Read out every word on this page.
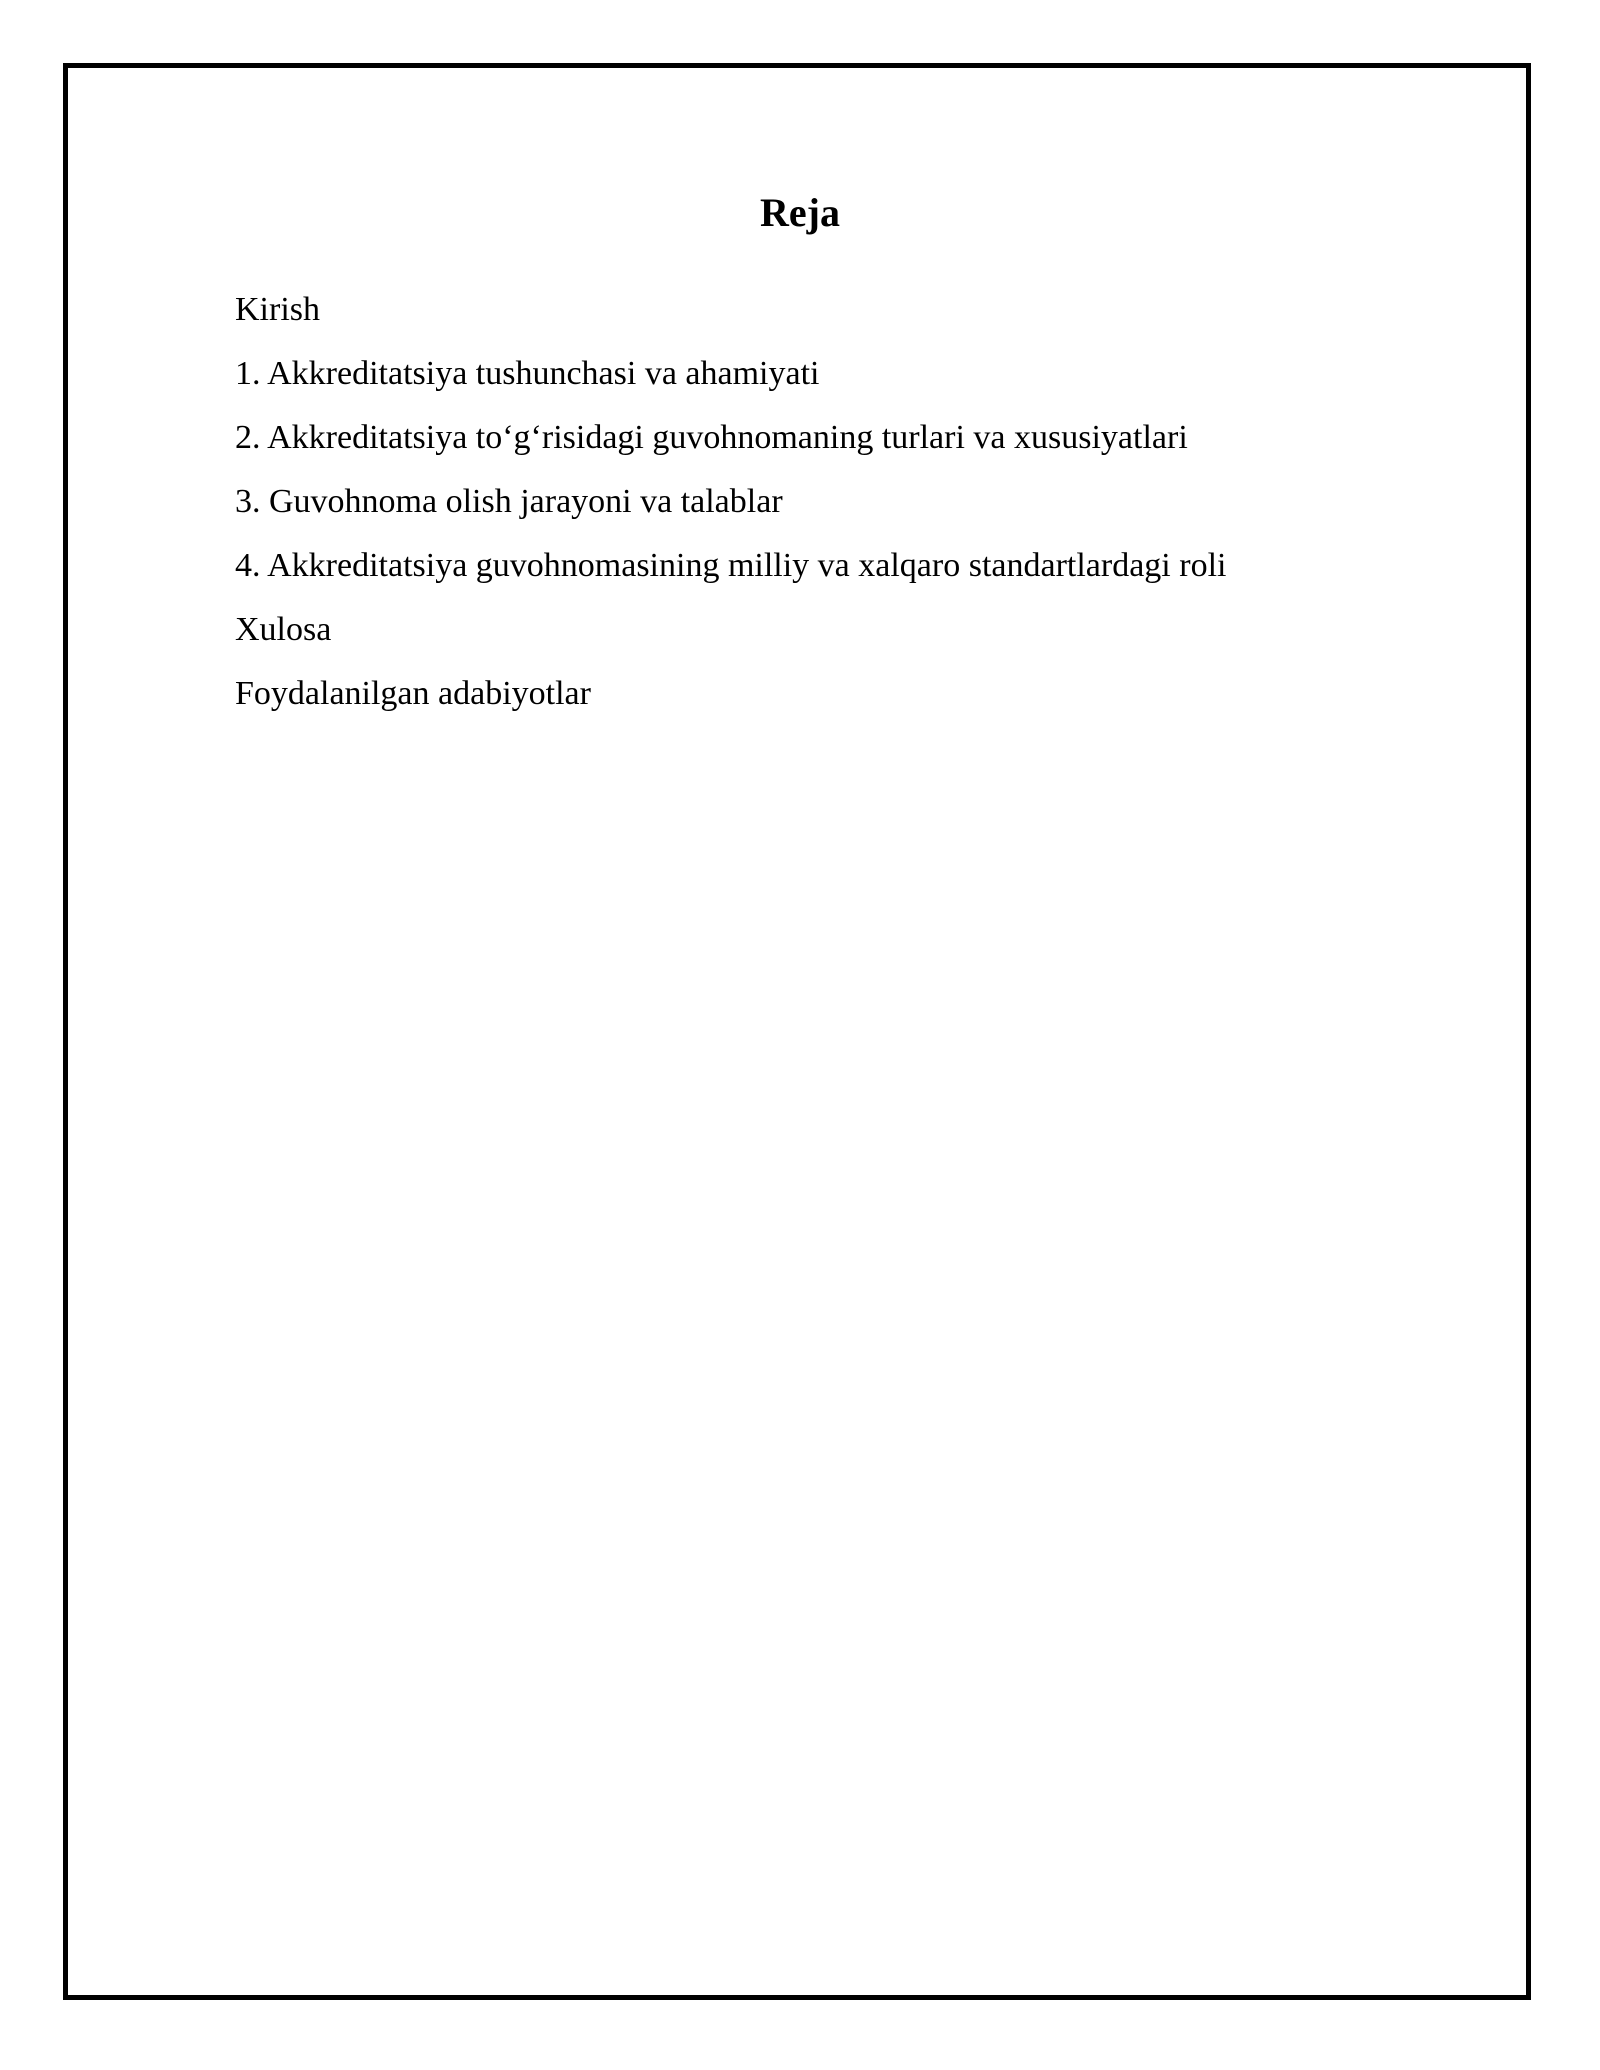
Reja
Kirish
1. Akkreditatsiya tushunchasi va ahamiyati
2. Akkreditatsiya to‘g‘risidagi guvohnomaning turlari va xususiyatlari
3. Guvohnoma olish jarayoni va talablar
4. Akkreditatsiya guvohnomasining milliy va xalqaro standartlardagi roli
Xulosa
Foydalanilgan adabiyotlar
